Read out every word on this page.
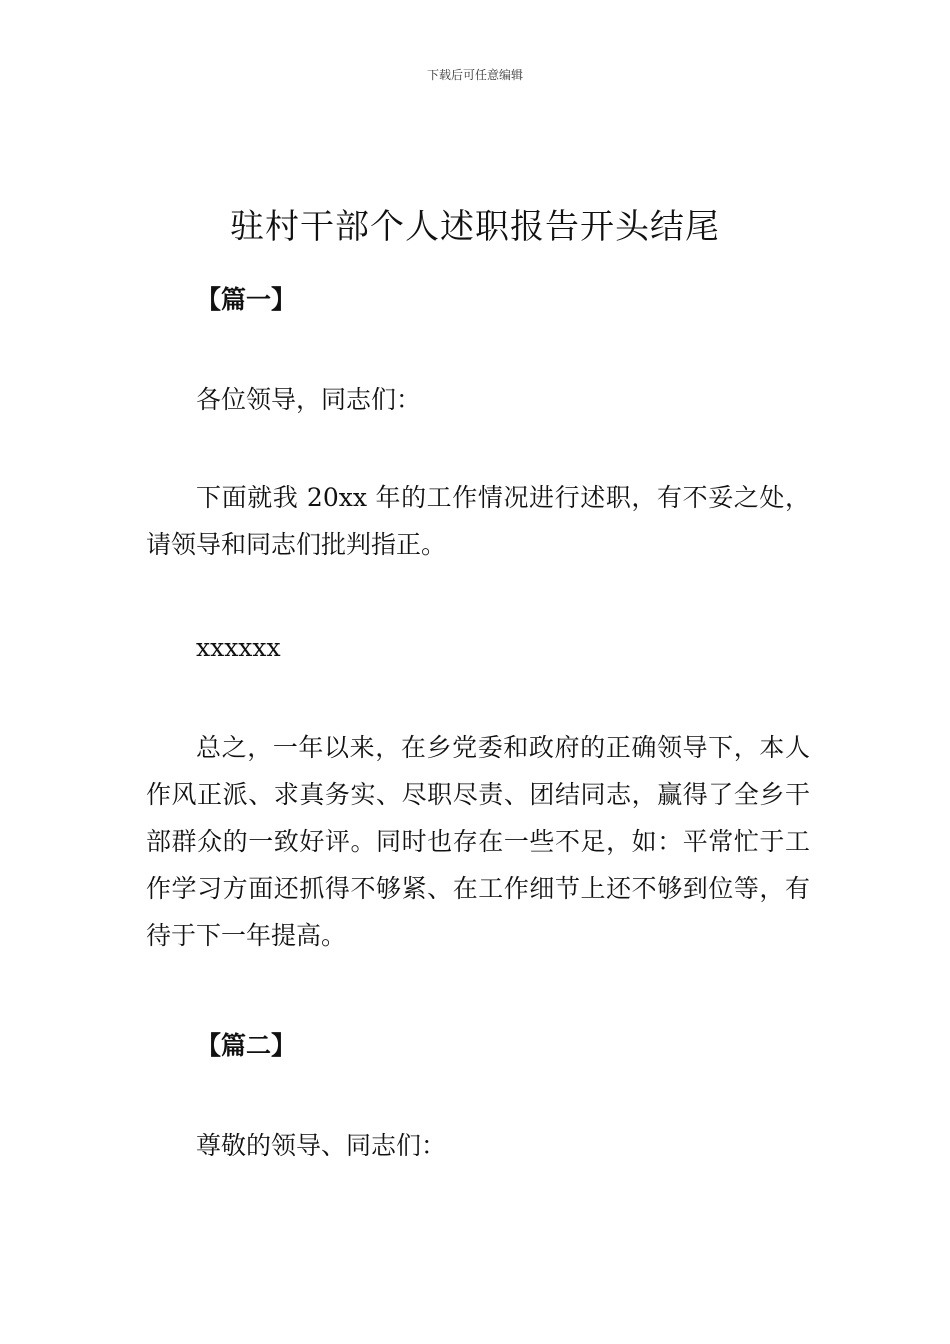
下载后可任意编辑
驻村干部个人述职报告开头结尾

【篇一】

各位领导，同志们：

下面就我 20xx 年的工作情况进行述职，有不妥之处，请领导和同志们批判指正。

xxxxxx

总之，一年以来，在乡党委和政府的正确领导下，本人作风正派、求真务实、尽职尽责、团结同志，赢得了全乡干部群众的一致好评。同时也存在一些不足，如：平常忙于工作学习方面还抓得不够紧、在工作细节上还不够到位等，有待于下一年提高。

【篇二】

尊敬的领导、同志们：
